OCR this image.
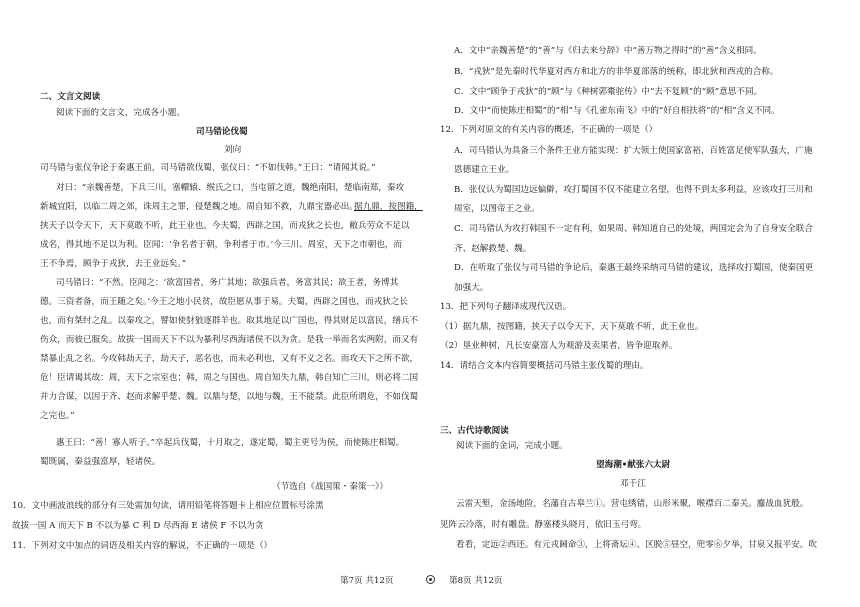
二、文言文阅读
阅读下面的文言文，完成各小题。
司马错论伐蜀
刘向
司马错与张仪争论于秦惠王前，司马错欲伐蜀，张仪曰：“不如伐韩。”王曰：“请闻其说。”
对曰：“亲魏善楚，下兵三川，塞轘辕、缑氏之口，当屯留之道，魏绝南阳，楚临南郑，秦攻
新城宜阳，以临二周之郊，诛周主之罪，侵楚魏之地。周自知不救，九鼎宝器必出。
据九鼎，按图籍，
挟天子以令天下，天下莫敢不听，此王业也。今夫蜀，西辟之国，而戎狄之长也，敝兵劳众不足以
成名，得其地不足以为利。臣闻：‘争名者于朝，争利者于市。’今三川、周室，天下之市朝也，而
王不争焉，顾争于戎狄，去王业远矣。”
司马错曰：“不然。臣闻之：‘欲富国者，务广其地；欲强兵者，务富其民；欲王者，务博其
德。三资者备，而王随之矣。’今王之地小民贫，故臣愿从事于易。夫蜀，西辟之国也，而戎狄之长
也，而有桀纣之乱。以秦攻之，譬如使豺狼逐群羊也。取其地足以广国也，得其财足以富民，缮兵不
伤众，而彼已服矣。故拔一国而天下不以为暴利尽西海诸侯不以为贪。是我一举而名实两附，而又有
禁暴止乱之名。今攻韩劫天子，劫天子，恶名也，而未必利也，又有不义之名。而攻天下之所不欲，
危！臣请谒其故：周，天下之宗室也；韩，周之与国也。周自知失九鼎，韩自知亡三川，则必将二国
并力合谋，以因于齐、赵而求解乎楚、魏。以鼎与楚，以地与魏，王不能禁。此臣所谓危，不如伐蜀
之完也。”
惠王曰：“善！寡人听子。”卒起兵伐蜀，十月取之，遂定蜀，蜀主更号为侯，而使陈庄相蜀。
蜀既属，秦益强富厚，轻诸侯。
（节选自《战国策・秦策一》）
10．文中画波浪线的部分有三处需加句读，请用铅笔将答题卡上相应位置标号涂黑
故拔一国 A 而天下 B 不以为暴 C 利 D 尽西海 E 诸侯 F 不以为贪
11．下列对文中加点的词语及相关内容的解说，不正确的一项是（）
A．文中“亲魏善楚”的“善”与《归去来兮辞》中“善万物之得时”的“善”含义相同。
B．“戎狄”是先秦时代华夏对西方和北方的非华夏部落的统称，即北狄和西戎的合称。
C．文中“顾争于戎狄”的“顾”与《种树郭橐驼传》中“去不复顾”的“顾”意思不同。
D．文中“而使陈庄相蜀”的“相”与《孔雀东南飞》中的“好自相扶将”的“相”含义不同。
12．下列对原文的有关内容的概述，不正确的一项是（）
A．司马错认为具备三个条件王业方能实现：扩大领土使国家富裕，百姓富足使军队强大，广施
恩德建立王业。
B．张仪认为蜀国边远偏僻，攻打蜀国不仅不能建立名望，也得不到太多利益，应该攻打三川和
周室，以图帝王之业。
C．司马错认为攻打韩国不一定有利，如果周、韩知道自己的处境，两国定会为了自身安全联合
齐、赵解救楚、魏。
D．在听取了张仪与司马错的争论后，秦惠王最终采纳司马错的建议，选择攻打蜀国，使秦国更
加强大。
13．把下列句子翻译成现代汉语。
（1）据九鼎，按图籍，挟天子以令天下，天下莫敢不听，此王业也。
（2）垦业种树，凡长安豪富人为观游及卖果者，皆争迎取养。
14．请结合文本内容简要概括司马错主张伐蜀的理由。
三、古代诗歌阅读
阅读下面的金词，完成小题。
望海潮•献张六太尉
邓千江
云雷天堑，金汤地险，名藩自古皋兰①。营屯绣错，山形米聚，喉襟百二秦关。鏖战血犹般。
见阵云冷落，时有雕盘。静塞楼头晓月，依旧玉弓弯。
看看，定远②西还。有元戎阃命③，上将斋坛④。区脱⑤昼空，兜零⑥夕举，甘泉又报平安。吹
第7页 共12页	第8页 共12页
